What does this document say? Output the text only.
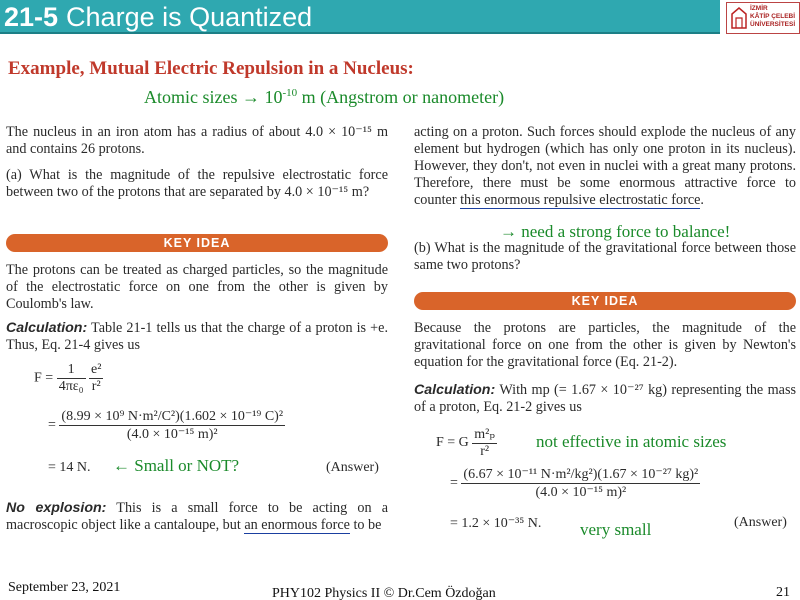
21-5 Charge is Quantized	İZMİR
KÂTİP ÇELEBİ
ÜNİVERSİTESİ
Example, Mutual Electric Repulsion in a Nucleus:
Atomic sizes → $10^{-10}$ m (Angstrom or nanometer)

The nucleus in an iron atom has a radius of about 4.0 × 10⁻¹⁵ m and contains 26 protons.

(a) What is the magnitude of the repulsive electrostatic force between two of the protons that are separated by 4.0 × 10⁻¹⁵ m?

KEY IDEA

The protons can be treated as charged particles, so the magnitude of the electrostatic force on one from the other is given by Coulomb's law.

Calculation: Table 21-1 tells us that the charge of a proton is +e. Thus, Eq. 21-4 gives us

$F = \frac{1}{\text{4πε₀}}$
$\frac{\text{e²}}{\text{r²}}$
= $\frac{\text{(8.99 × 10⁹ N·m²/C²)(1.602 × 10⁻¹⁹ C)²}}{\text{(4.0 × 10⁻¹⁵ m)²}}$
= 14 N.	(Answer)
← Small or NOT?

No explosion: This is a small force to be acting on a macroscopic object like a cantaloupe, but an enormous force to be

acting on a proton. Such forces should explode the nucleus of any element but hydrogen (which has only one proton in its nucleus). However, they don't, not even in nuclei with a great many protons. Therefore, there must be some enormous attractive force to counter this enormous repulsive electrostatic force.

→ need a strong force to balance!

(b) What is the magnitude of the gravitational force between those same two protons?

KEY IDEA

Because the protons are particles, the magnitude of the gravitational force on one from the other is given by Newton's equation for the gravitational force (Eq. 21-2).

Calculation: With mp (= 1.67 × 10⁻²⁷ kg) representing the mass of a proton, Eq. 21-2 gives us

F = G $\frac{\text{m²ₚ}}{\text{r²}}$ not effective in atomic sizes
= $\frac{\text{(6.67 × 10⁻¹¹ N·m²/kg²)(1.67 × 10⁻²⁷ kg)²}}{\text{(4.0 × 10⁻¹⁵ m)²}}$
= 1.2 × 10⁻³⁵ N. very small	(Answer)
September 23, 2021	PHY102 Physics II © Dr.Cem Özdoğan	21
